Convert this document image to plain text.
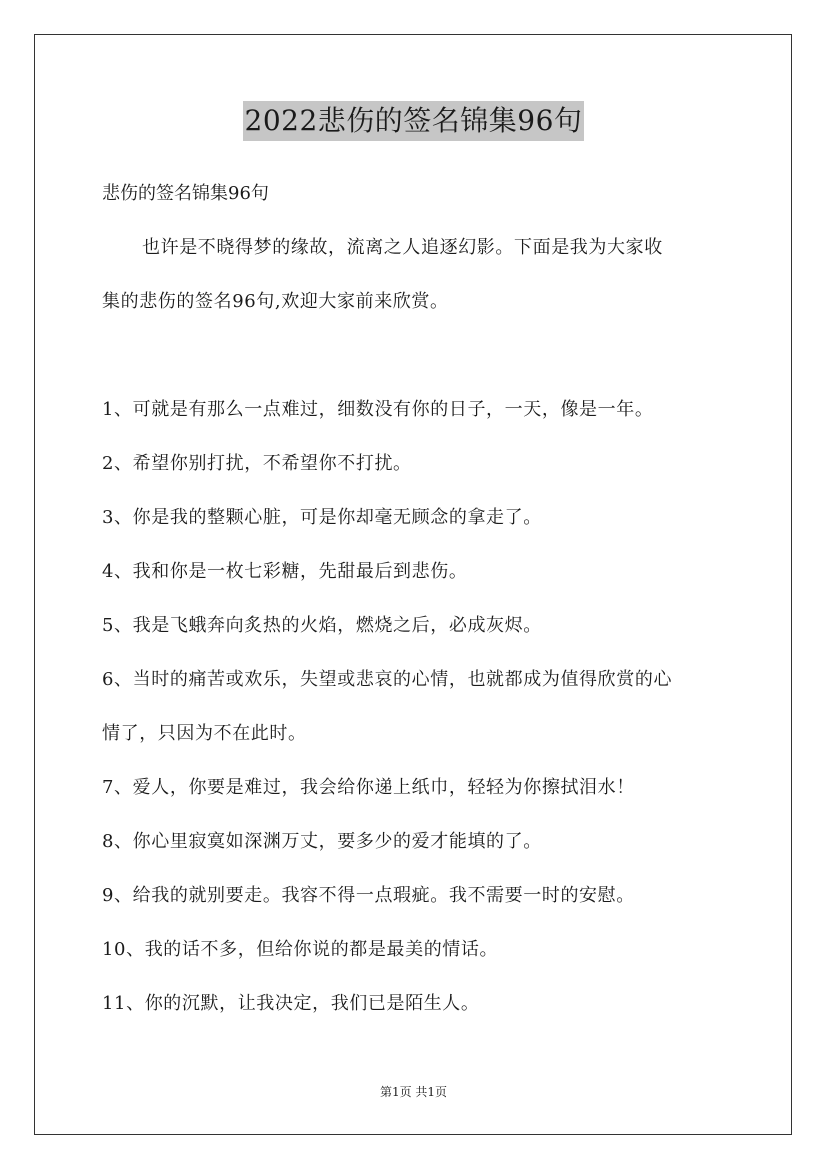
2022悲伤的签名锦集96句

悲伤的签名锦集96句

也许是不晓得梦的缘故，流离之人追逐幻影。下面是我为大家收

集的悲伤的签名96句,欢迎大家前来欣赏。

1、可就是有那么一点难过，细数没有你的日子，一天，像是一年。

2、希望你别打扰，不希望你不打扰。

3、你是我的整颗心脏，可是你却毫无顾念的拿走了。

4、我和你是一枚七彩糖，先甜最后到悲伤。

5、我是飞蛾奔向炙热的火焰，燃烧之后，必成灰烬。

6、当时的痛苦或欢乐，失望或悲哀的心情，也就都成为值得欣赏的心

情了，只因为不在此时。

7、爱人，你要是难过，我会给你递上纸巾，轻轻为你擦拭泪水！

8、你心里寂寞如深渊万丈，要多少的爱才能填的了。

9、给我的就别要走。我容不得一点瑕疵。我不需要一时的安慰。

10、我的话不多，但给你说的都是最美的情话。

11、你的沉默，让我决定，我们已是陌生人。

第1页 共1页
